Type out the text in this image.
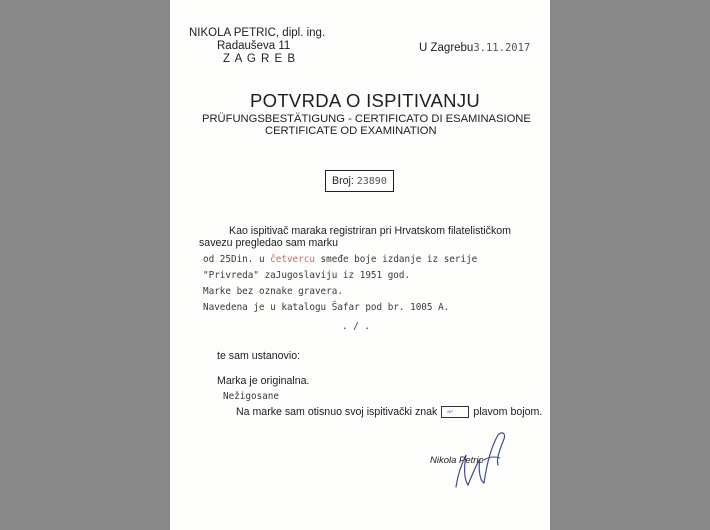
NIKOLA PETRIC, dipl. ing.
Radauševa 11
Z A G R E B
U Zagrebu3.11.2017
POTVRDA O ISPITIVANJU
PRÜFUNGSBESTÄTIGUNG - CERTIFICATO DI ESAMINASIONE
CERTIFICATE OD EXAMINATION
Broj: 23890
Kao ispitivač maraka registriran pri Hrvatskom filatelističkom
savezu pregledao sam marku
od 25Din. u četvercu smeđe boje izdanje iz serije
"Privreda" zaJugoslaviju iz 1951 god.
Marke bez oznake gravera.
Navedena je u katalogu Šafar pod br. 1005 A.
. / .
te sam ustanovio:
Marka je originalna.
Nežigosane
Na marke sam otisnuo svoj ispitivački znak	NP plavom bojom.
Nikola Petric
